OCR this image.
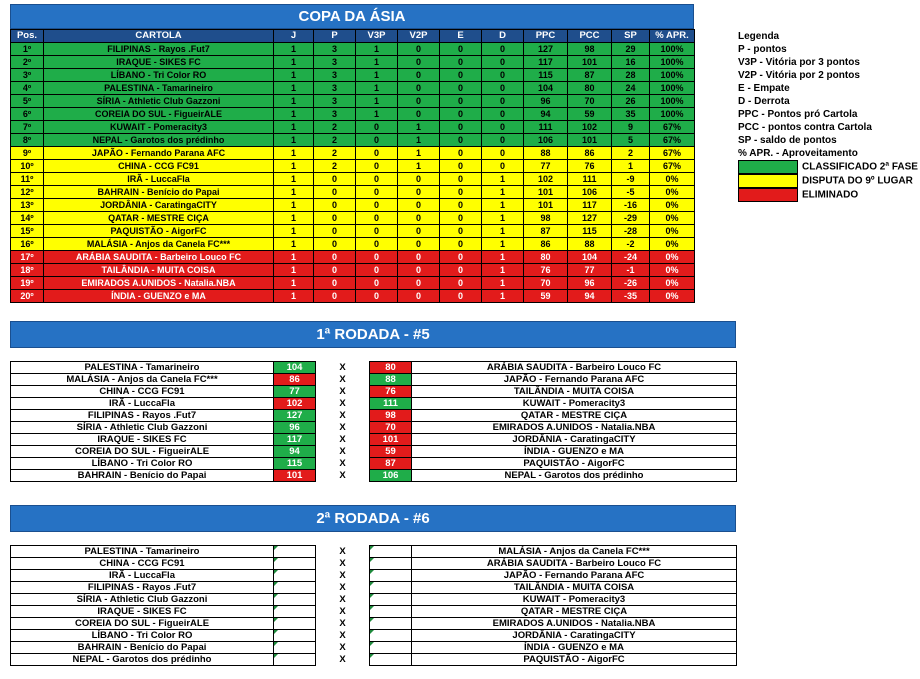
COPA DA ÁSIA
Pos.	CARTOLA	J	P	V3P	V2P	E	D	PPC	PCC	SP	% APR.
1º	FILIPINAS - Rayos .Fut7	1	3	1	0	0	0	127	98	29	100%
2º	IRAQUE - SIKES FC	1	3	1	0	0	0	117	101	16	100%
3º	LÍBANO - Tri Color RO	1	3	1	0	0	0	115	87	28	100%
4º	PALESTINA - Tamarineiro	1	3	1	0	0	0	104	80	24	100%
5º	SÍRIA - Athletic Club Gazzoni	1	3	1	0	0	0	96	70	26	100%
6º	COREIA DO SUL - FigueirALE	1	3	1	0	0	0	94	59	35	100%
7º	KUWAIT - Pomeracity3	1	2	0	1	0	0	111	102	9	67%
8º	NEPAL - Garotos dos prédinho	1	2	0	1	0	0	106	101	5	67%
9º	JAPÃO - Fernando Parana AFC	1	2	0	1	0	0	88	86	2	67%
10º	CHINA - CCG FC91	1	2	0	1	0	0	77	76	1	67%
11º	IRÃ - LuccaFla	1	0	0	0	0	1	102	111	-9	0%
12º	BAHRAIN - Benício do Papai	1	0	0	0	0	1	101	106	-5	0%
13º	JORDÂNIA - CaratingaCITY	1	0	0	0	0	1	101	117	-16	0%
14º	QATAR - MESTRE CIÇA	1	0	0	0	0	1	98	127	-29	0%
15º	PAQUISTÃO - AigorFC	1	0	0	0	0	1	87	115	-28	0%
16º	MALÁSIA - Anjos da Canela FC***	1	0	0	0	0	1	86	88	-2	0%
17º	ARÁBIA SAUDITA - Barbeiro Louco FC	1	0	0	0	0	1	80	104	-24	0%
18º	TAILÂNDIA - MUITA COISA	1	0	0	0	0	1	76	77	-1	0%
19º	EMIRADOS A.UNIDOS - Natalia.NBA	1	0	0	0	0	1	70	96	-26	0%
20º	ÍNDIA - GUENZO e MA	1	0	0	0	0	1	59	94	-35	0%
Legenda
P - pontos
V3P - Vitória por 3 pontos
V2P - Vitória por 2 pontos
E - Empate
D - Derrota
PPC - Pontos pró Cartola
PCC - pontos contra Cartola
SP - saldo de pontos
% APR. - Aproveitamento
CLASSIFICADO 2ª FASE
DISPUTA DO 9º LUGAR
ELIMINADO
1ª RODADA - #5
PALESTINA - Tamarineiro	104	X	80	ARÁBIA SAUDITA - Barbeiro Louco FC
MALÁSIA - Anjos da Canela FC***	86	X	88	JAPÃO - Fernando Parana AFC
CHINA - CCG FC91	77	X	76	TAILÂNDIA - MUITA COISA
IRÃ - LuccaFla	102	X	111	KUWAIT - Pomeracity3
FILIPINAS - Rayos .Fut7	127	X	98	QATAR - MESTRE CIÇA
SÍRIA - Athletic Club Gazzoni	96	X	70	EMIRADOS A.UNIDOS - Natalia.NBA
IRAQUE - SIKES FC	117	X	101	JORDÂNIA - CaratingaCITY
COREIA DO SUL - FigueirALE	94	X	59	ÍNDIA - GUENZO e MA
LÍBANO - Tri Color RO	115	X	87	PAQUISTÃO - AigorFC
BAHRAIN - Benício do Papai	101	X	106	NEPAL - Garotos dos prédinho
2ª RODADA - #6
PALESTINA - Tamarineiro		X		MALÁSIA - Anjos da Canela FC***
CHINA - CCG FC91		X		ARÁBIA SAUDITA - Barbeiro Louco FC
IRÃ - LuccaFla		X		JAPÃO - Fernando Parana AFC
FILIPINAS - Rayos .Fut7		X		TAILÂNDIA - MUITA COISA
SÍRIA - Athletic Club Gazzoni		X		KUWAIT - Pomeracity3
IRAQUE - SIKES FC		X		QATAR - MESTRE CIÇA
COREIA DO SUL - FigueirALE		X		EMIRADOS A.UNIDOS - Natalia.NBA
LÍBANO - Tri Color RO		X		JORDÂNIA - CaratingaCITY
BAHRAIN - Benício do Papai		X		ÍNDIA - GUENZO e MA
NEPAL - Garotos dos prédinho		X		PAQUISTÃO - AigorFC
